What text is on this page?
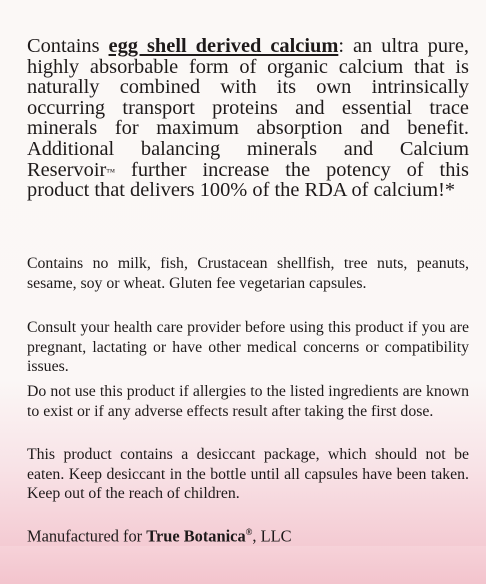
Contains egg shell derived calcium: an ultra pure, highly absorbable form of organic calcium that is naturally combined with its own intrinsically occurring transport proteins and essential trace minerals for maximum absorption and benefit. Additional balancing minerals and Calcium Reservoir™ further increase the potency of this product that delivers 100% of the RDA of calcium!*

Contains no milk, fish, Crustacean shellfish, tree nuts, peanuts, sesame, soy or wheat. Gluten fee vegetarian capsules.

Consult your health care provider before using this product if you are pregnant, lactating or have other medical concerns or compatibility issues.

Do not use this product if allergies to the listed ingredients are known to exist or if any adverse effects result after taking the first dose.

This product contains a desiccant package, which should not be eaten. Keep desiccant in the bottle until all capsules have been taken. Keep out of the reach of children.

Manufactured for True Botanica®, LLC
